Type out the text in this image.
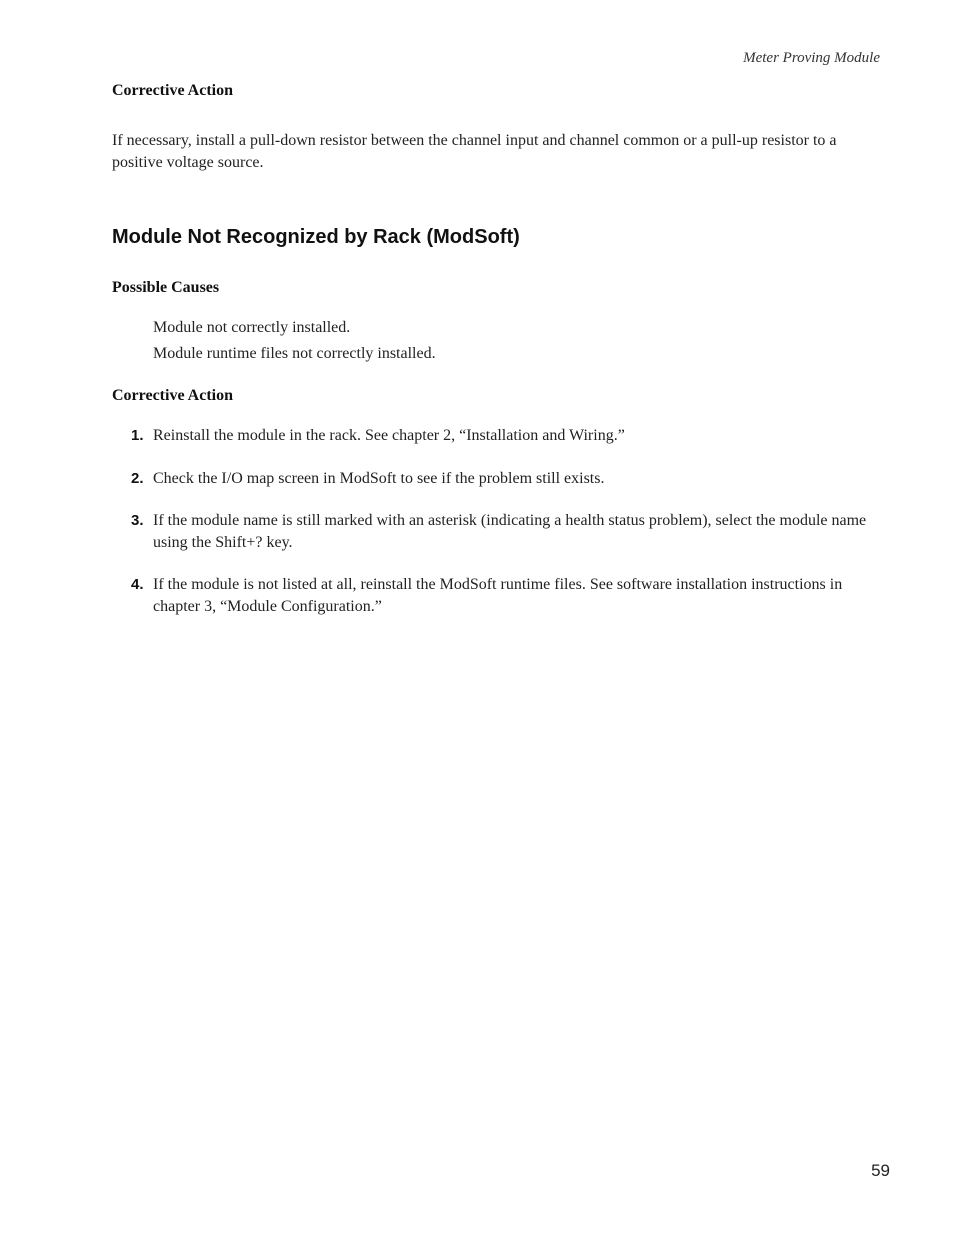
Meter Proving Module
Corrective Action

If necessary, install a pull-down resistor between the channel input and channel common or a pull-up resistor to a positive voltage source.

Module Not Recognized by Rack (ModSoft)
Possible Causes
Module not correctly installed.
Module runtime files not correctly installed.
Corrective Action
1. Reinstall the module in the rack. See chapter 2, “Installation and Wiring.”
2. Check the I/O map screen in ModSoft to see if the problem still exists.
3. If the module name is still marked with an asterisk (indicating a health status problem), select the module name using the Shift+? key.
4. If the module is not listed at all, reinstall the ModSoft runtime files. See software installation instructions in chapter 3, “Module Configuration.”
59
